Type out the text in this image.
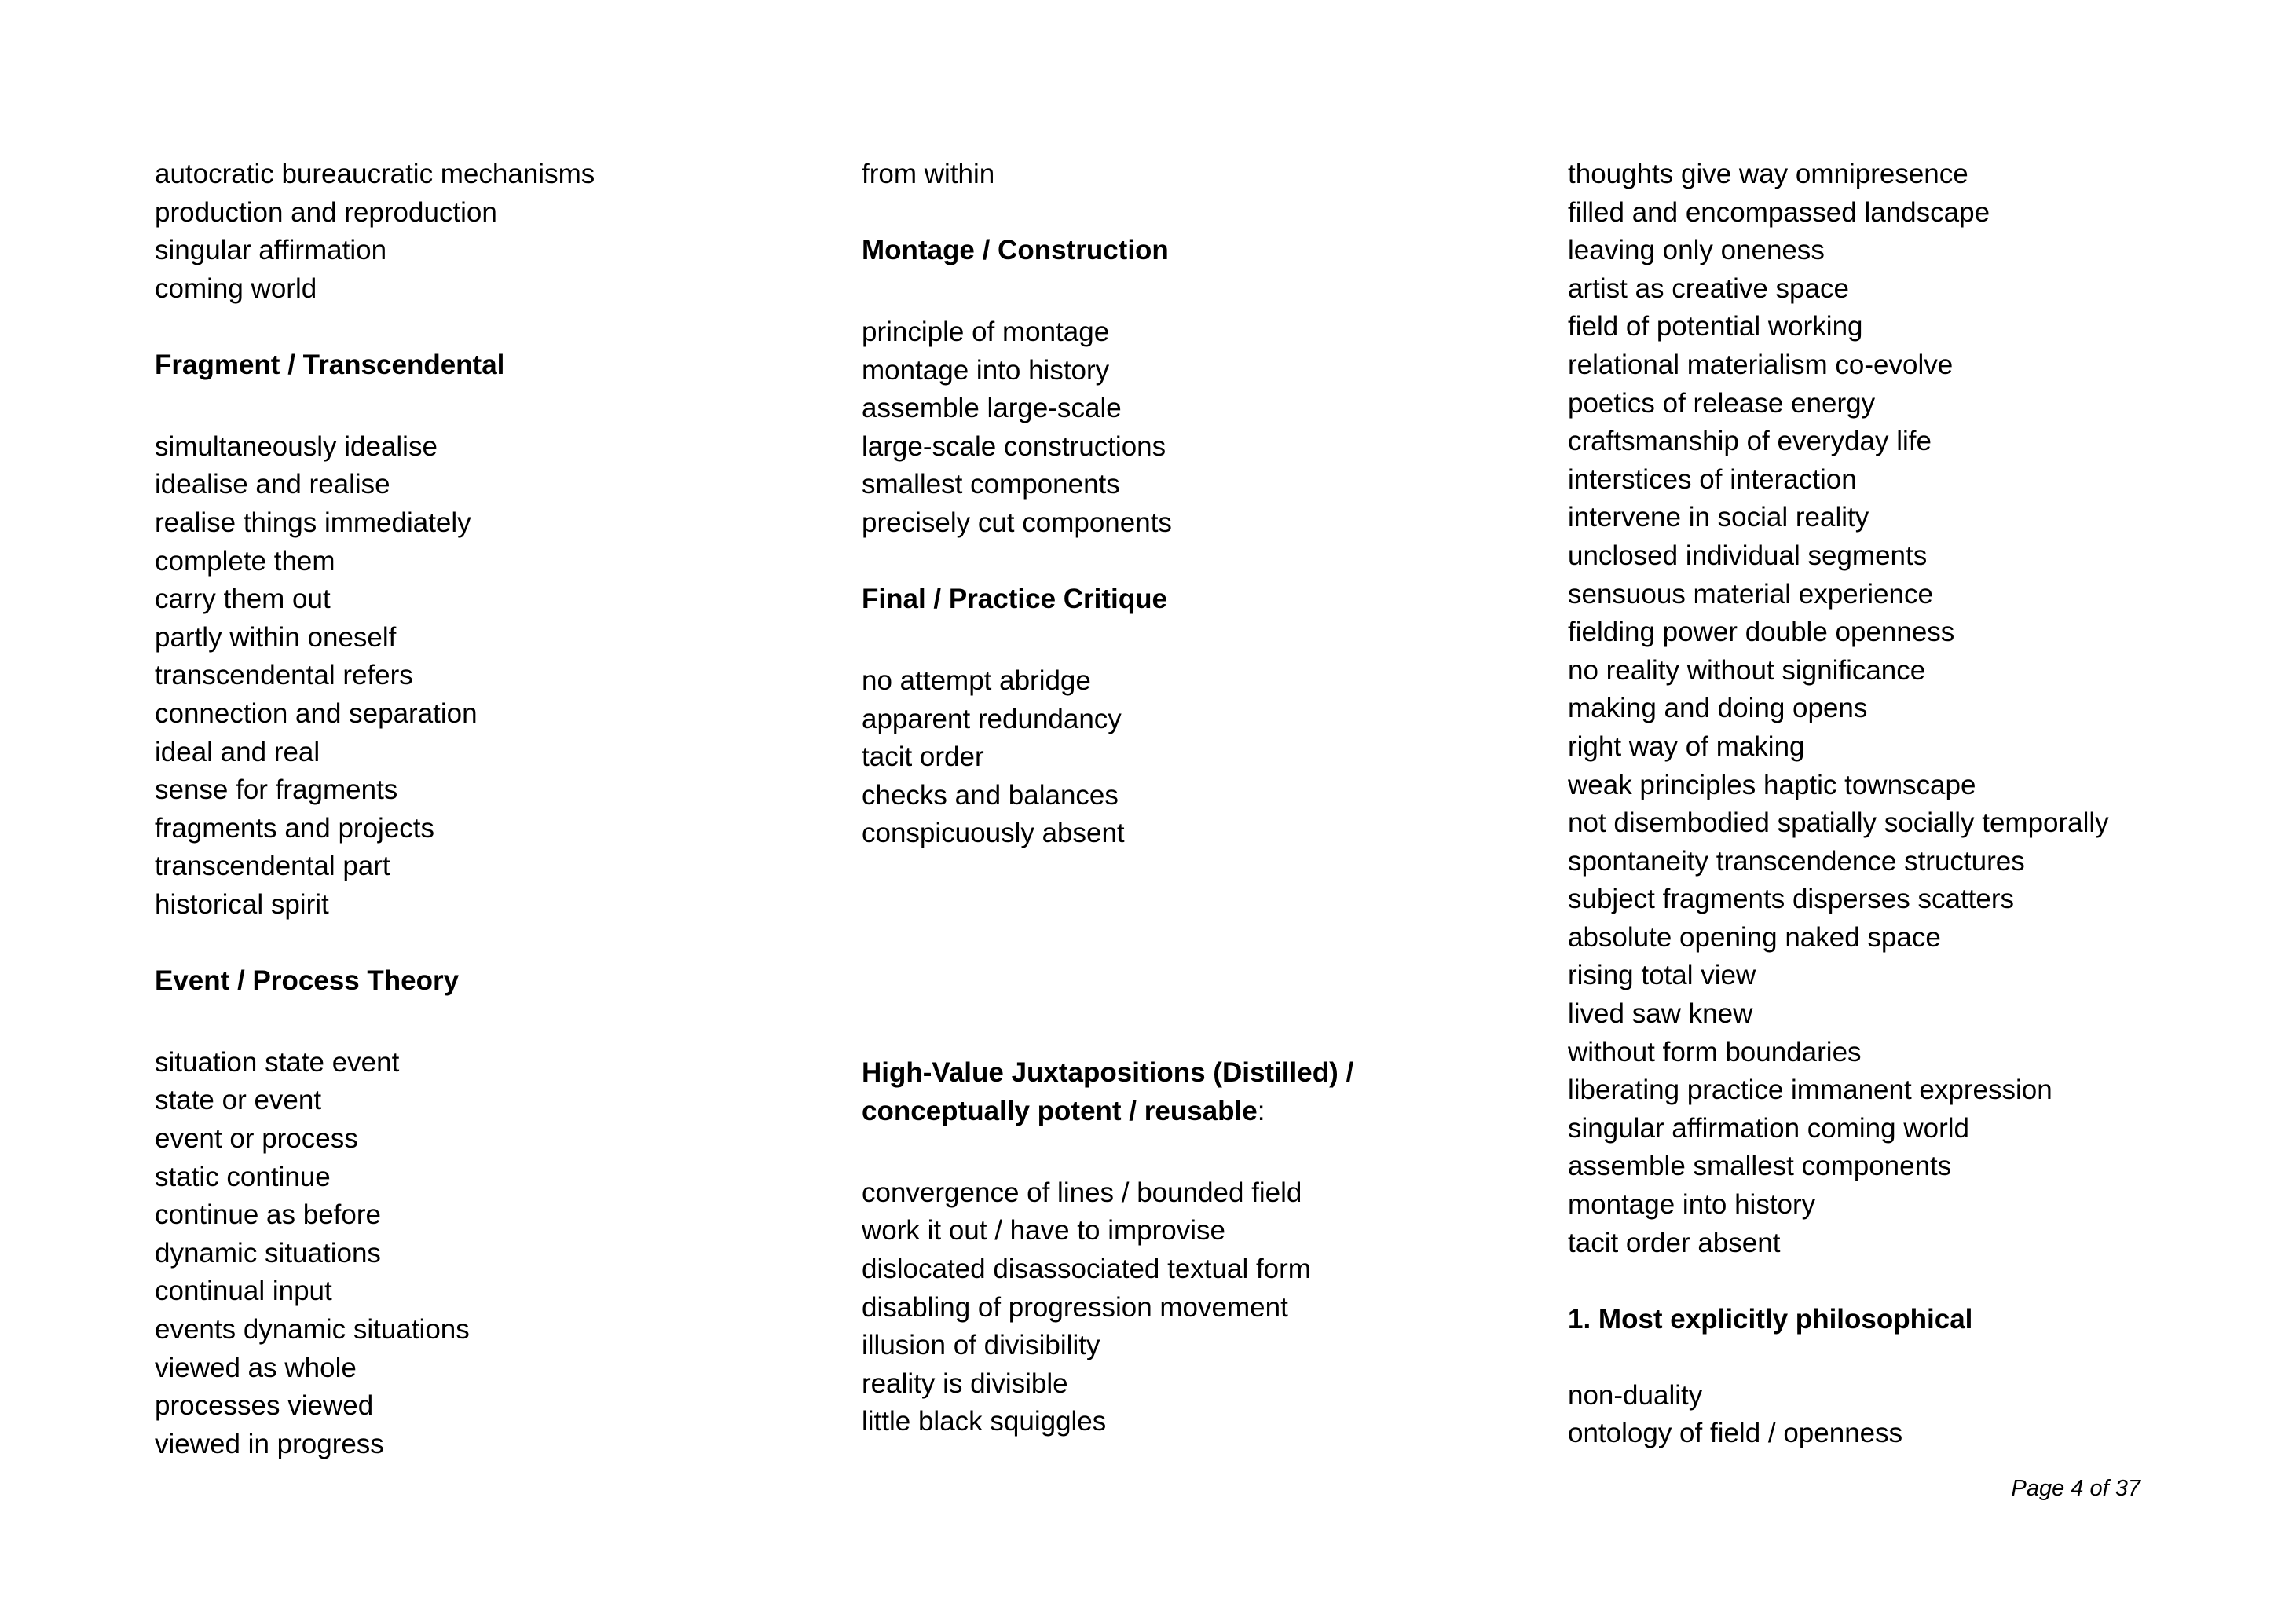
autocratic bureaucratic mechanisms
production and reproduction
singular affirmation
coming world
Fragment / Transcendental
simultaneously idealise
idealise and realise
realise things immediately
complete them
carry them out
partly within oneself
transcendental refers
connection and separation
ideal and real
sense for fragments
fragments and projects
transcendental part
historical spirit
Event / Process Theory
situation state event
state or event
event or process
static continue
continue as before
dynamic situations
continual input
events dynamic situations
viewed as whole
processes viewed
viewed in progress
from within
Montage / Construction
principle of montage
montage into history
assemble large-scale
large-scale constructions
smallest components
precisely cut components
Final / Practice Critique
no attempt abridge
apparent redundancy
tacit order
checks and balances
conspicuously absent
High-Value Juxtapositions (Distilled) /
conceptually potent / reusable:
convergence of lines / bounded field
work it out / have to improvise
dislocated disassociated textual form
disabling of progression movement
illusion of divisibility
reality is divisible
little black squiggles
thoughts give way omnipresence
filled and encompassed landscape
leaving only oneness
artist as creative space
field of potential working
relational materialism co-evolve
poetics of release energy
craftsmanship of everyday life
interstices of interaction
intervene in social reality
unclosed individual segments
sensuous material experience
fielding power double openness
no reality without significance
making and doing opens
right way of making
weak principles haptic townscape
not disembodied spatially socially temporally
spontaneity transcendence structures
subject fragments disperses scatters
absolute opening naked space
rising total view
lived saw knew
without form boundaries
liberating practice immanent expression
singular affirmation coming world
assemble smallest components
montage into history
tacit order absent
1. Most explicitly philosophical
non-duality
ontology of field / openness
Page 4 of 37
